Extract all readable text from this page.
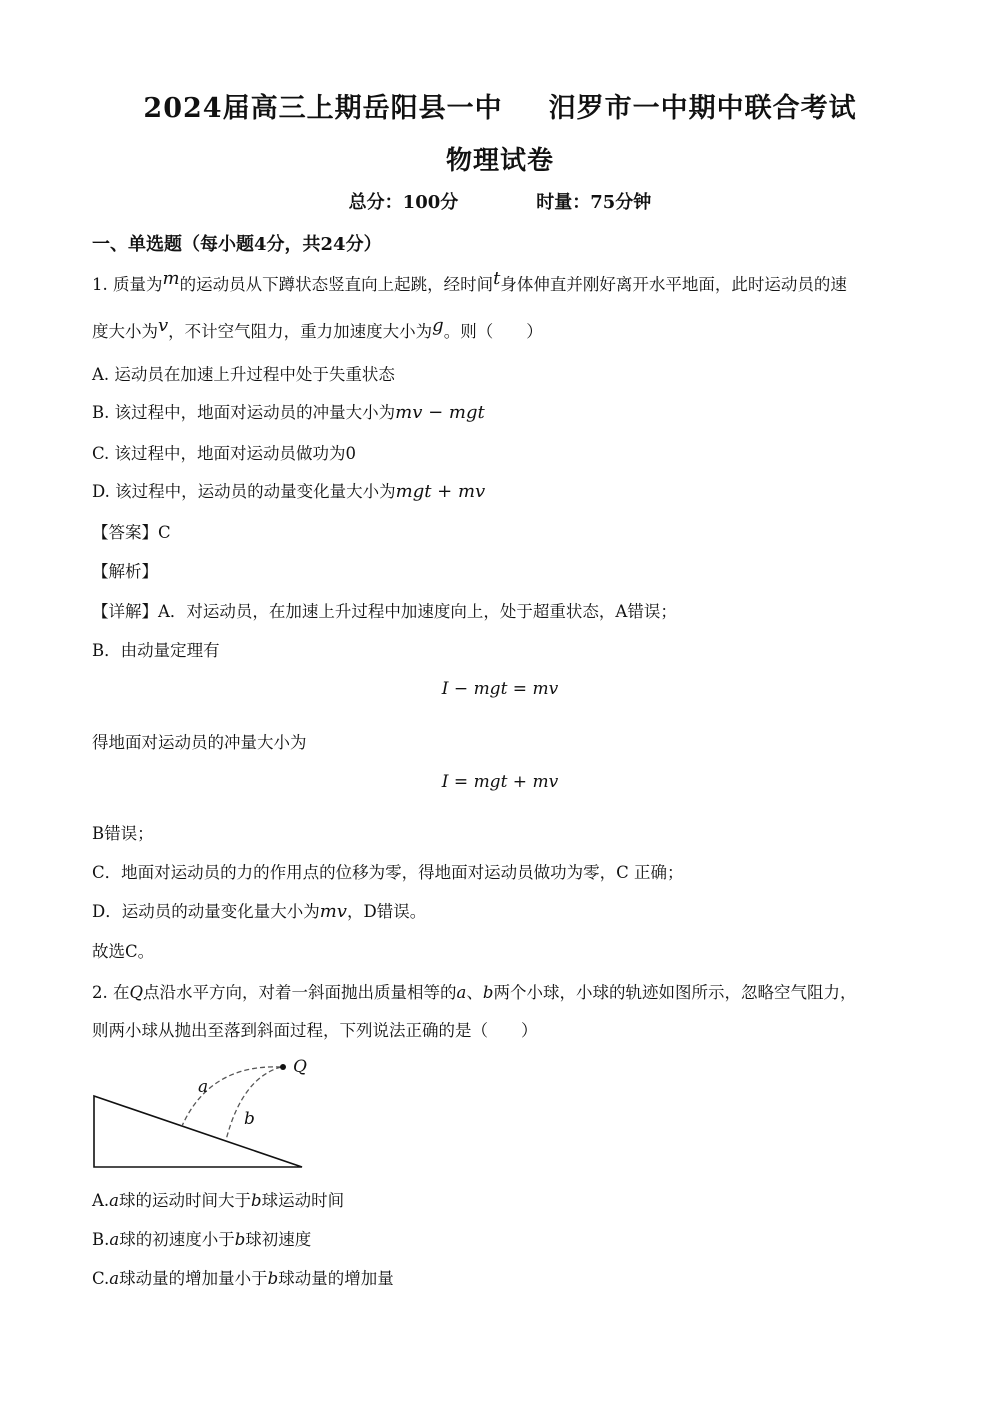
2024届高三上期岳阳县一中 汨罗市一中期中联合考试
物理试卷
总分：100分	时量：75分钟
一、单选题（每小题4分，共24分）
1. 质量为m的运动员从下蹲状态竖直向上起跳，经时间t身体伸直并刚好离开水平地面，此时运动员的速
度大小为v，不计空气阻力，重力加速度大小为g。则（　　）
A. 运动员在加速上升过程中处于失重状态
B. 该过程中，地面对运动员的冲量大小为mv − mgt
C. 该过程中，地面对运动员做功为0
D. 该过程中，运动员的动量变化量大小为mgt + mv
【答案】C
【解析】
【详解】A．对运动员，在加速上升过程中加速度向上，处于超重状态，A错误；
B．由动量定理有
I − mgt = mv
得地面对运动员的冲量大小为
I = mgt + mv
B错误；
C．地面对运动员的力的作用点的位移为零，得地面对运动员做功为零，C 正确；
D．运动员的动量变化量大小为mv，D错误。
故选C。
2. 在Q点沿水平方向，对着一斜面抛出质量相等的a、b两个小球，小球的轨迹如图所示，忽略空气阻力，
则两小球从抛出至落到斜面过程，下列说法正确的是（　　）
Q
a
b
A.a球的运动时间大于b球运动时间
B.a球的初速度小于b球初速度
C.a球动量的增加量小于b球动量的增加量
